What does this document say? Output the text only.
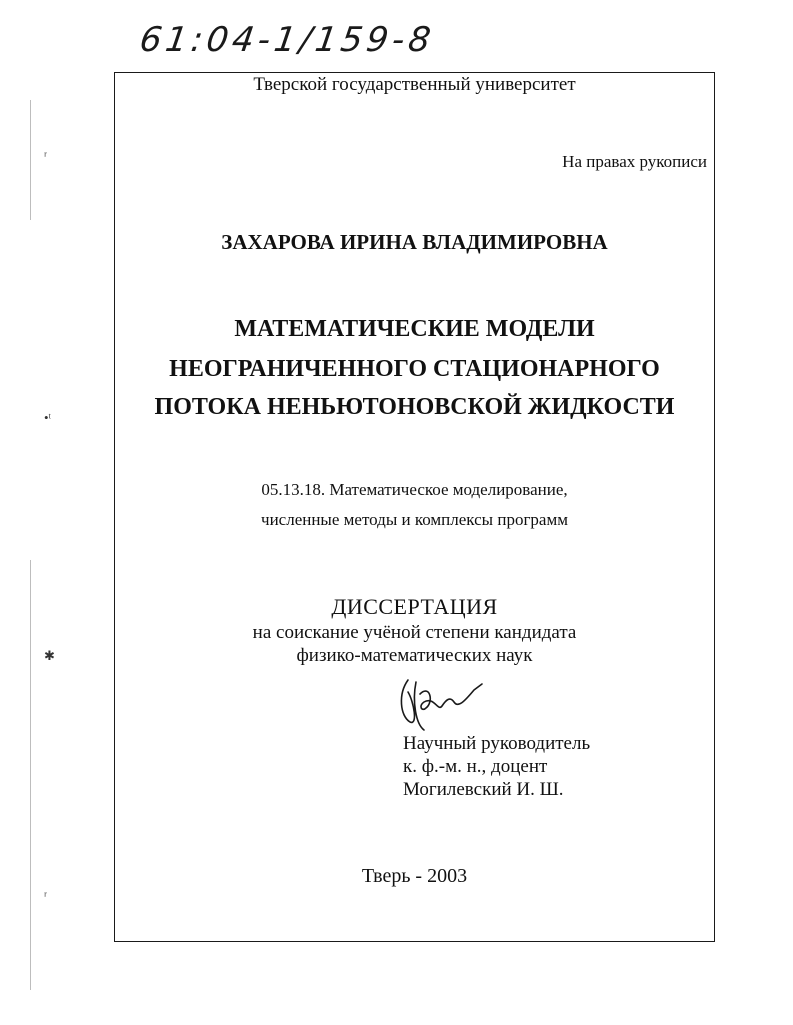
61:04-1/159-8
ʳ
•ᵗ
✱
ʳ
Тверской государственный университет
На правах рукописи
ЗАХАРОВА ИРИНА ВЛАДИМИРОВНА
МАТЕМАТИЧЕСКИЕ МОДЕЛИ
НЕОГРАНИЧЕННОГО СТАЦИОНАРНОГО
ПОТОКА НЕНЬЮТОНОВСКОЙ ЖИДКОСТИ
05.13.18. Математическое моделирование,
численные методы и комплексы программ
ДИССЕРТАЦИЯ
на соискание учёной степени кандидата
физико-математических наук
Научный руководитель
к. ф.-м. н., доцент
Могилевский И. Ш.
Тверь - 2003
